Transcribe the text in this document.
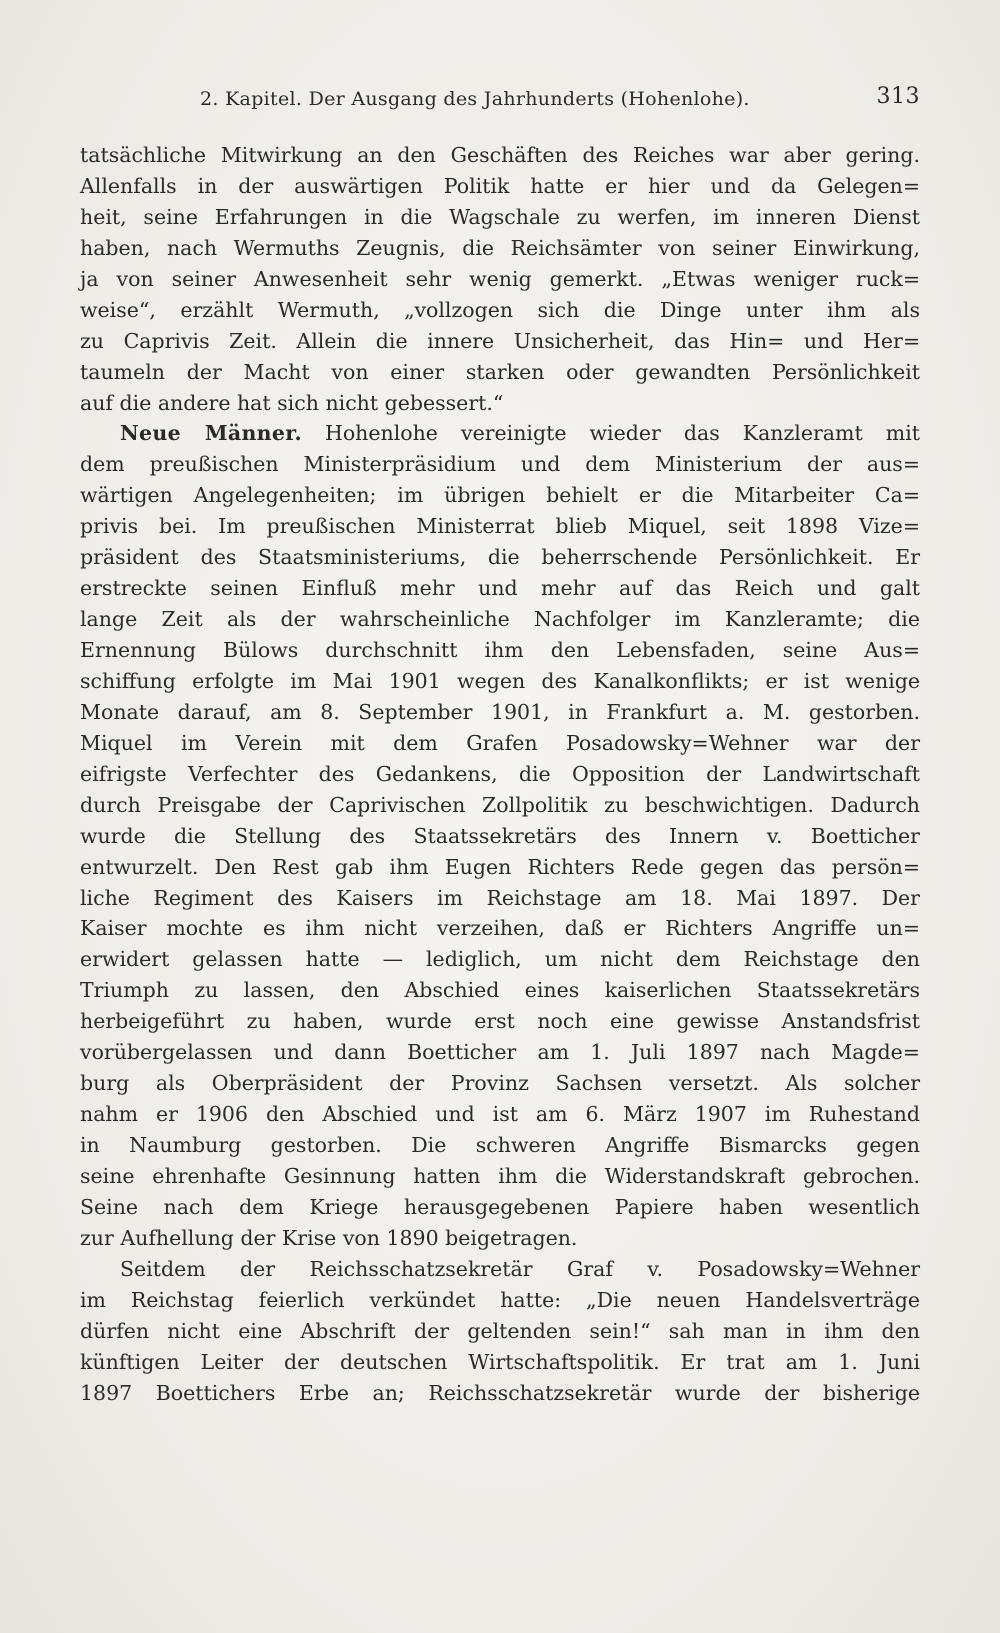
2. Kapitel. Der Ausgang des Jahrhunderts (Hohenlohe).	313
tatsächliche Mitwirkung an den Geschäften des Reiches war aber gering.
Allenfalls in der auswärtigen Politik hatte er hier und da Gelegen=
heit, seine Erfahrungen in die Wagschale zu werfen, im inneren Dienst
haben, nach Wermuths Zeugnis, die Reichsämter von seiner Einwirkung,
ja von seiner Anwesenheit sehr wenig gemerkt. „Etwas weniger ruck=
weise“, erzählt Wermuth, „vollzogen sich die Dinge unter ihm als
zu Caprivis Zeit. Allein die innere Unsicherheit, das Hin= und Her=
taumeln der Macht von einer starken oder gewandten Persönlichkeit
auf die andere hat sich nicht gebessert.“
Neue Männer. Hohenlohe vereinigte wieder das Kanzleramt mit
dem preußischen Ministerpräsidium und dem Ministerium der aus=
wärtigen Angelegenheiten; im übrigen behielt er die Mitarbeiter Ca=
privis bei. Im preußischen Ministerrat blieb Miquel, seit 1898 Vize=
präsident des Staatsministeriums, die beherrschende Persönlichkeit. Er
erstreckte seinen Einfluß mehr und mehr auf das Reich und galt
lange Zeit als der wahrscheinliche Nachfolger im Kanzleramte; die
Ernennung Bülows durchschnitt ihm den Lebensfaden, seine Aus=
schiffung erfolgte im Mai 1901 wegen des Kanalkonflikts; er ist wenige
Monate darauf, am 8. September 1901, in Frankfurt a. M. gestorben.
Miquel im Verein mit dem Grafen Posadowsky=Wehner war der
eifrigste Verfechter des Gedankens, die Opposition der Landwirtschaft
durch Preisgabe der Caprivischen Zollpolitik zu beschwichtigen. Dadurch
wurde die Stellung des Staatssekretärs des Innern v. Boetticher
entwurzelt. Den Rest gab ihm Eugen Richters Rede gegen das persön=
liche Regiment des Kaisers im Reichstage am 18. Mai 1897. Der
Kaiser mochte es ihm nicht verzeihen, daß er Richters Angriffe un=
erwidert gelassen hatte — lediglich, um nicht dem Reichstage den
Triumph zu lassen, den Abschied eines kaiserlichen Staatssekretärs
herbeigeführt zu haben, wurde erst noch eine gewisse Anstandsfrist
vorübergelassen und dann Boetticher am 1. Juli 1897 nach Magde=
burg als Oberpräsident der Provinz Sachsen versetzt. Als solcher
nahm er 1906 den Abschied und ist am 6. März 1907 im Ruhestand
in Naumburg gestorben. Die schweren Angriffe Bismarcks gegen
seine ehrenhafte Gesinnung hatten ihm die Widerstandskraft gebrochen.
Seine nach dem Kriege herausgegebenen Papiere haben wesentlich
zur Aufhellung der Krise von 1890 beigetragen.
Seitdem der Reichsschatzsekretär Graf v. Posadowsky=Wehner
im Reichstag feierlich verkündet hatte: „Die neuen Handelsverträge
dürfen nicht eine Abschrift der geltenden sein!“ sah man in ihm den
künftigen Leiter der deutschen Wirtschaftspolitik. Er trat am 1. Juni
1897 Boettichers Erbe an; Reichsschatzsekretär wurde der bisherige
